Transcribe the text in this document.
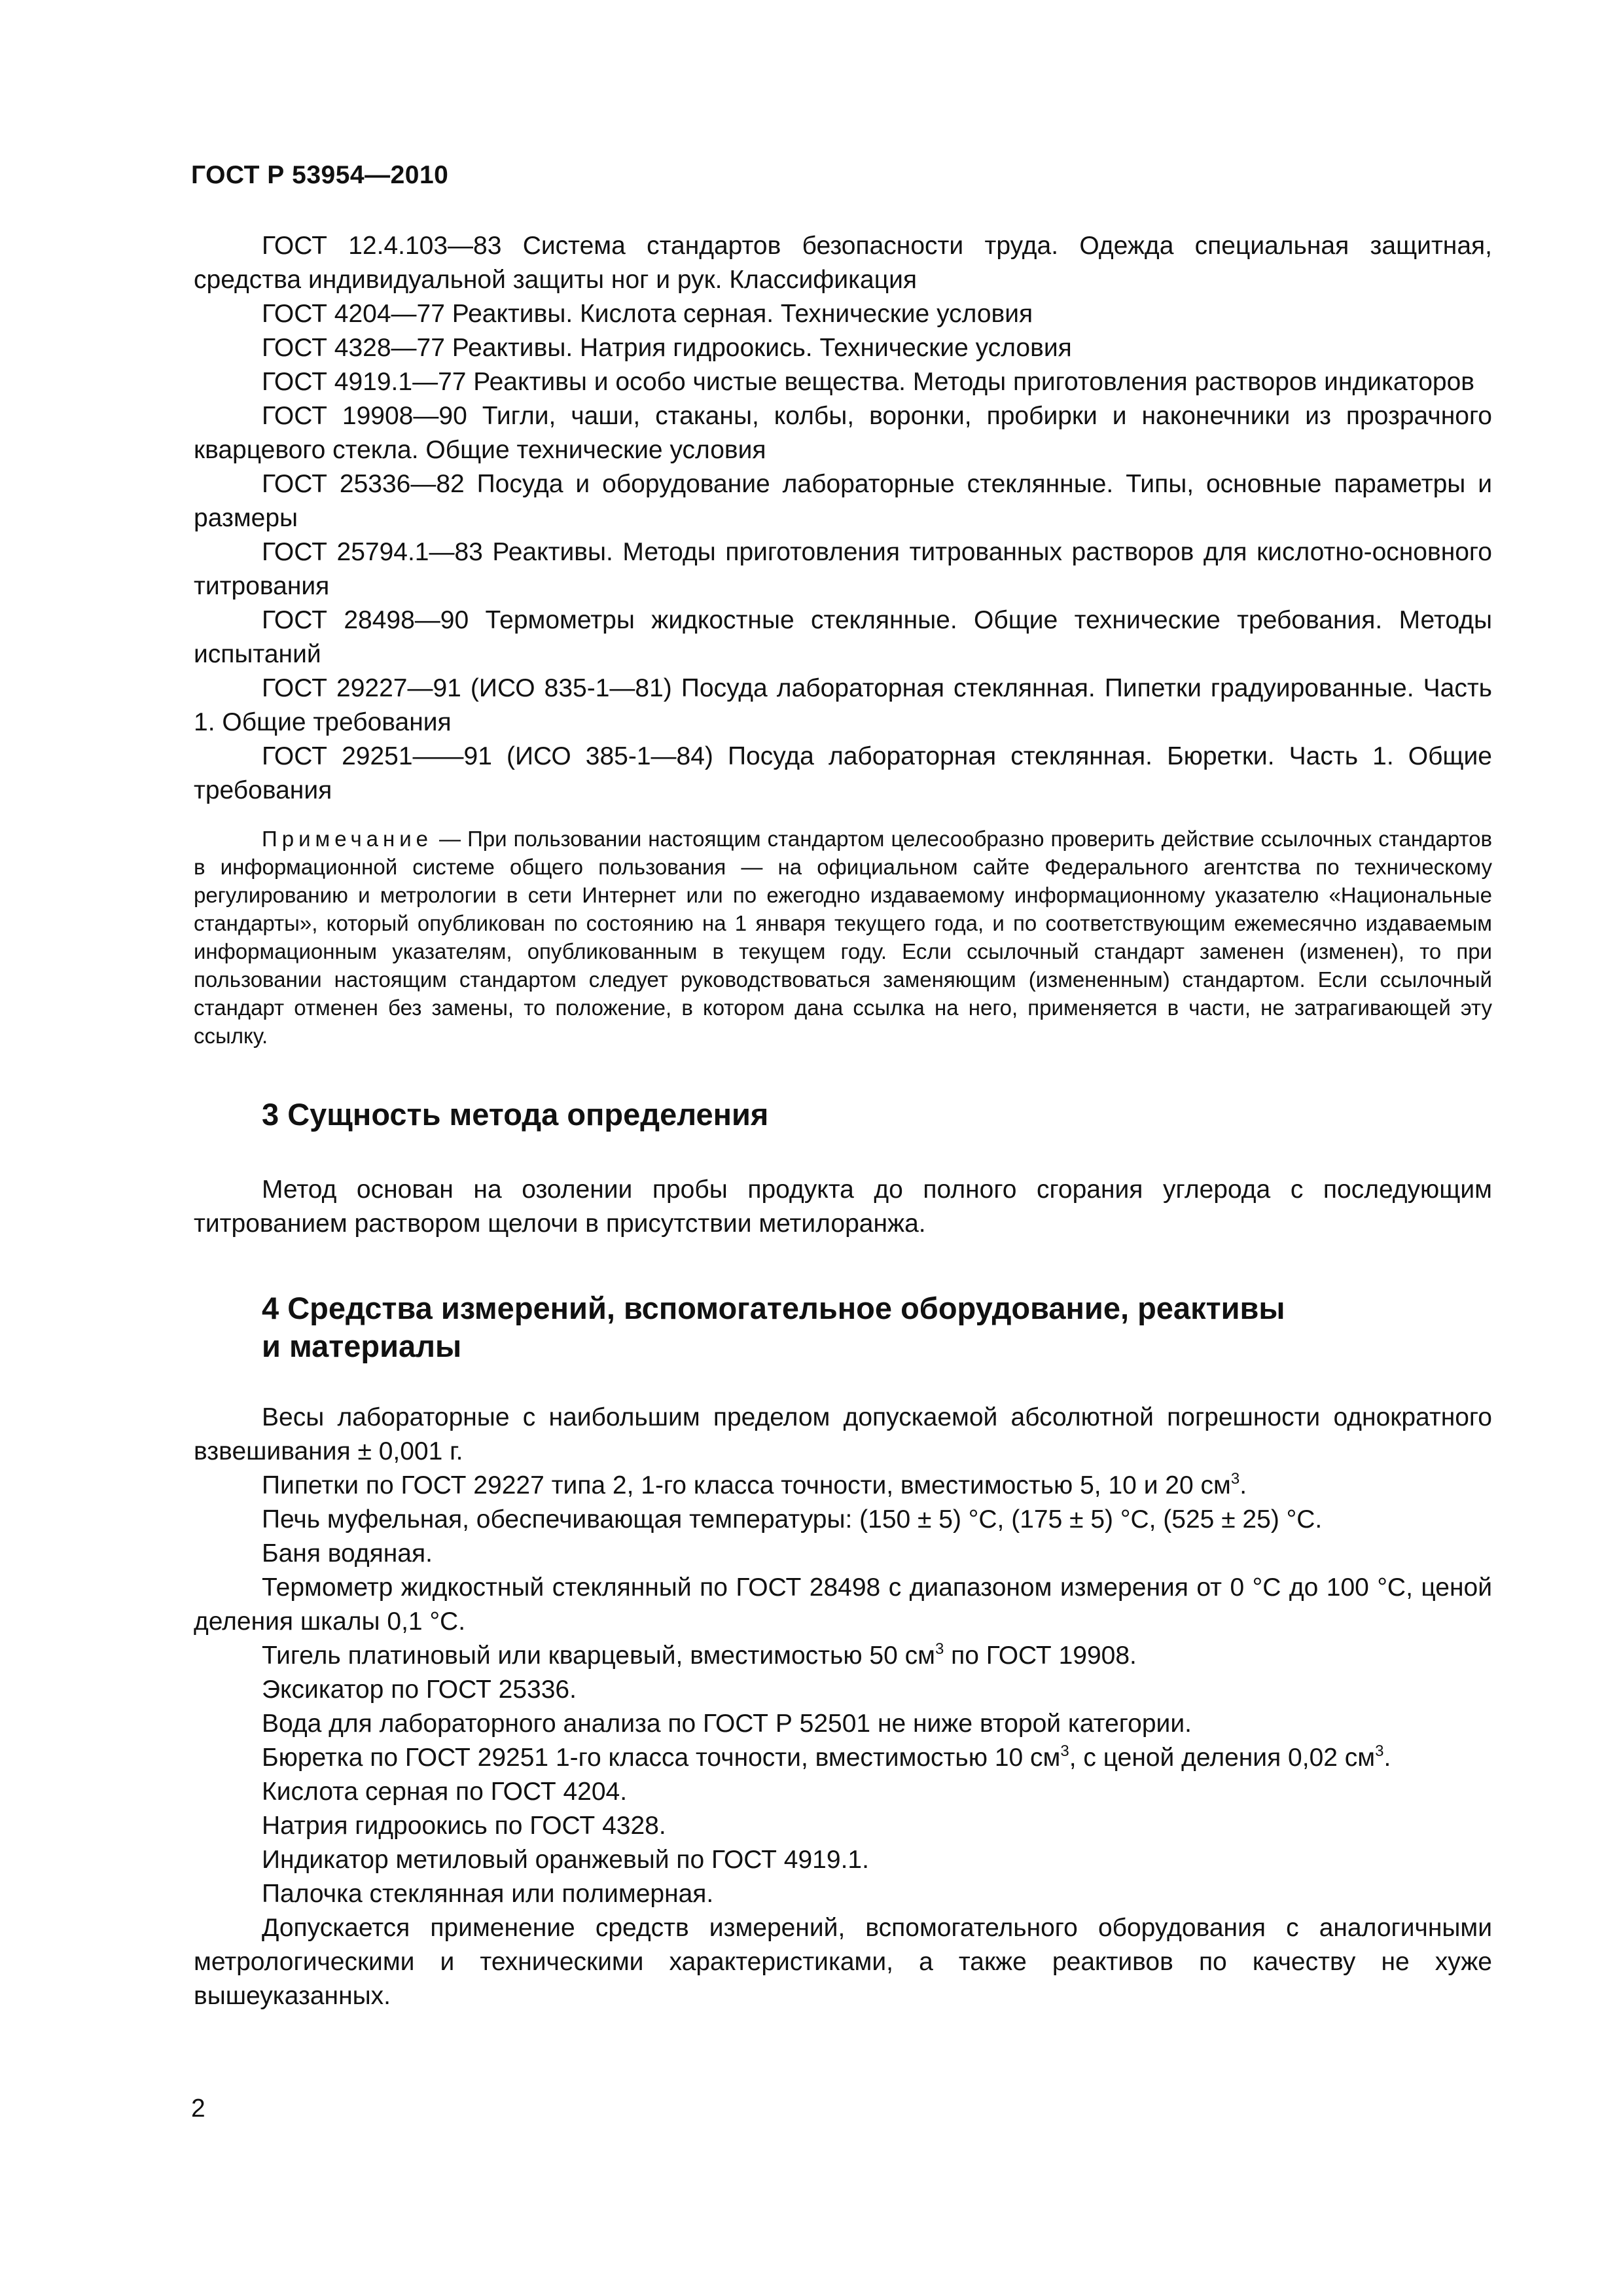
ГОСТ Р 53954—2010

ГОСТ 12.4.103—83 Система стандартов безопасности труда. Одежда специальная защитная, средства индивидуальной защиты ног и рук. Классификация

ГОСТ 4204—77 Реактивы. Кислота серная. Технические условия

ГОСТ 4328—77 Реактивы. Натрия гидроокись. Технические условия

ГОСТ 4919.1—77 Реактивы и особо чистые вещества. Методы приготовления растворов индикаторов

ГОСТ 19908—90 Тигли, чаши, стаканы, колбы, воронки, пробирки и наконечники из прозрачного кварцевого стекла. Общие технические условия

ГОСТ 25336—82 Посуда и оборудование лабораторные стеклянные. Типы, основные параметры и размеры

ГОСТ 25794.1—83 Реактивы. Методы приготовления титрованных растворов для кислотно-основного титрования

ГОСТ 28498—90 Термометры жидкостные стеклянные. Общие технические требования. Методы испытаний

ГОСТ 29227—91 (ИСО 835-1—81) Посуда лабораторная стеклянная. Пипетки градуированные. Часть 1. Общие требования

ГОСТ 29251——91 (ИСО 385-1—84) Посуда лабораторная стеклянная. Бюретки. Часть 1. Общие требования

Примечание — При пользовании настоящим стандартом целесообразно проверить действие ссылочных стандартов в информационной системе общего пользования — на официальном сайте Федерального агентства по техническому регулированию и метрологии в сети Интернет или по ежегодно издаваемому информационному указателю «Национальные стандарты», который опубликован по состоянию на 1 января текущего года, и по соответствующим ежемесячно издаваемым информационным указателям, опубликованным в текущем году. Если ссылочный стандарт заменен (изменен), то при пользовании настоящим стандартом следует руководствоваться заменяющим (измененным) стандартом. Если ссылочный стандарт отменен без замены, то положение, в котором дана ссылка на него, применяется в части, не затрагивающей эту ссылку.

3 Сущность метода определения

Метод основан на озолении пробы продукта до полного сгорания углерода с последующим титрованием раствором щелочи в присутствии метилоранжа.

4 Средства измерений, вспомогательное оборудование, реактивы
и материалы

Весы лабораторные с наибольшим пределом допускаемой абсолютной погрешности однократного взвешивания ± 0,001 г.

Пипетки по ГОСТ 29227 типа 2, 1-го класса точности, вместимостью 5, 10 и 20 $см^3$.

Печь муфельная, обеспечивающая температуры: (150 ± 5) °С, (175 ± 5) °С, (525 ± 25) °С.

Баня водяная.

Термометр жидкостный стеклянный по ГОСТ 28498 с диапазоном измерения от 0 °С до 100 °С, ценой деления шкалы 0,1 °С.

Тигель платиновый или кварцевый, вместимостью 50 $см^3$ по ГОСТ 19908.

Эксикатор по ГОСТ 25336.

Вода для лабораторного анализа по ГОСТ Р 52501 не ниже второй категории.

Бюретка по ГОСТ 29251 1-го класса точности, вместимостью 10 $см^3$, с ценой деления 0,02 $см^3$.

Кислота серная по ГОСТ 4204.

Натрия гидроокись по ГОСТ 4328.

Индикатор метиловый оранжевый по ГОСТ 4919.1.

Палочка стеклянная или полимерная.

Допускается применение средств измерений, вспомогательного оборудования с аналогичными метрологическими и техническими характеристиками, а также реактивов по качеству не хуже вышеуказанных.

2
